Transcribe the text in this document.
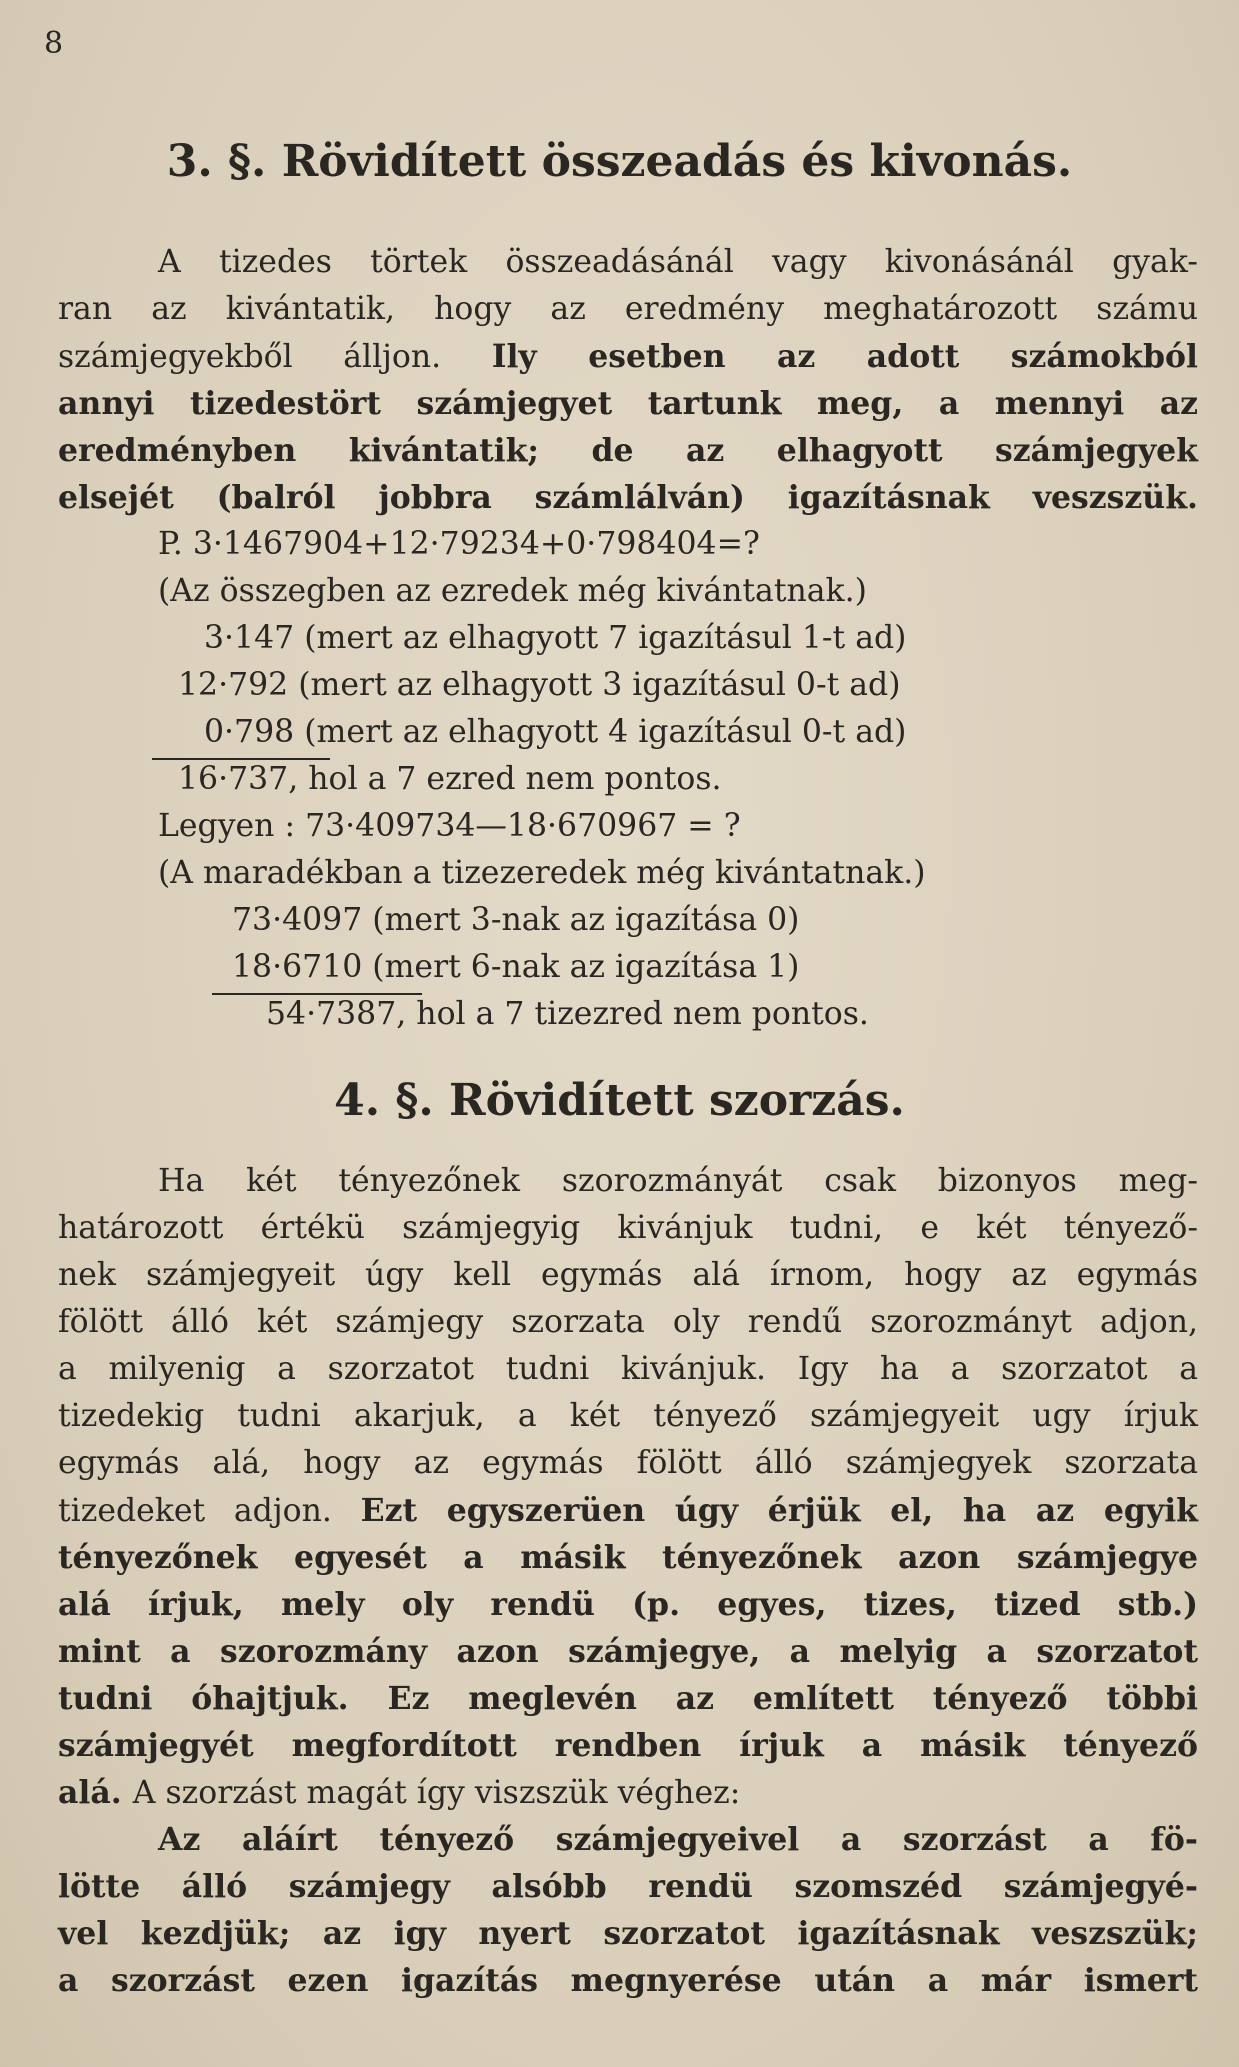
8
3. §. Rövidített összeadás és kivonás.
A tizedes törtek összeadásánál vagy kivonásánál gyak-
ran az kivántatik, hogy az eredmény meghatározott számu
számjegyekből álljon. Ily esetben az adott számokból
annyi tizedestört számjegyet tartunk meg, a mennyi az
eredményben kivántatik; de az elhagyott számjegyek
elsejét (balról jobbra számlálván) igazításnak veszszük.
P. 3·1467904+12·79234+0·798404=?
(Az összegben az ezredek még kivántatnak.)
3·147 (mert az elhagyott 7 igazításul 1-t ad)
12·792 (mert az elhagyott 3 igazításul 0-t ad)
0·798 (mert az elhagyott 4 igazításul 0-t ad)
16·737, hol a 7 ezred nem pontos.
Legyen : 73·409734—18·670967 = ?
(A maradékban a tizezeredek még kivántatnak.)
73·4097 (mert 3-nak az igazítása 0)
18·6710 (mert 6-nak az igazítása 1)
54·7387, hol a 7 tizezred nem pontos.
4. §. Rövidített szorzás.
Ha két tényezőnek szorozmányát csak bizonyos meg-
határozott értékü számjegyig kivánjuk tudni, e két tényező-
nek számjegyeit úgy kell egymás alá írnom, hogy az egymás
fölött álló két számjegy szorzata oly rendű szorozmányt adjon,
a milyenig a szorzatot tudni kivánjuk. Igy ha a szorzatot a
tizedekig tudni akarjuk, a két tényező számjegyeit ugy írjuk
egymás alá, hogy az egymás fölött álló számjegyek szorzata
tizedeket adjon. Ezt egyszerüen úgy érjük el, ha az egyik
tényezőnek egyesét a másik tényezőnek azon számjegye
alá írjuk, mely oly rendü (p. egyes, tizes, tized stb.)
mint a szorozmány azon számjegye, a melyig a szorzatot
tudni óhajtjuk. Ez meglevén az említett tényező többi
számjegyét megfordított rendben írjuk a másik tényező
alá. A szorzást magát így viszszük véghez:
Az aláírt tényező számjegyeivel a szorzást a fö-
lötte álló számjegy alsóbb rendü szomszéd számjegyé-
vel kezdjük; az igy nyert szorzatot igazításnak veszszük;
a szorzást ezen igazítás megnyerése után a már ismert
